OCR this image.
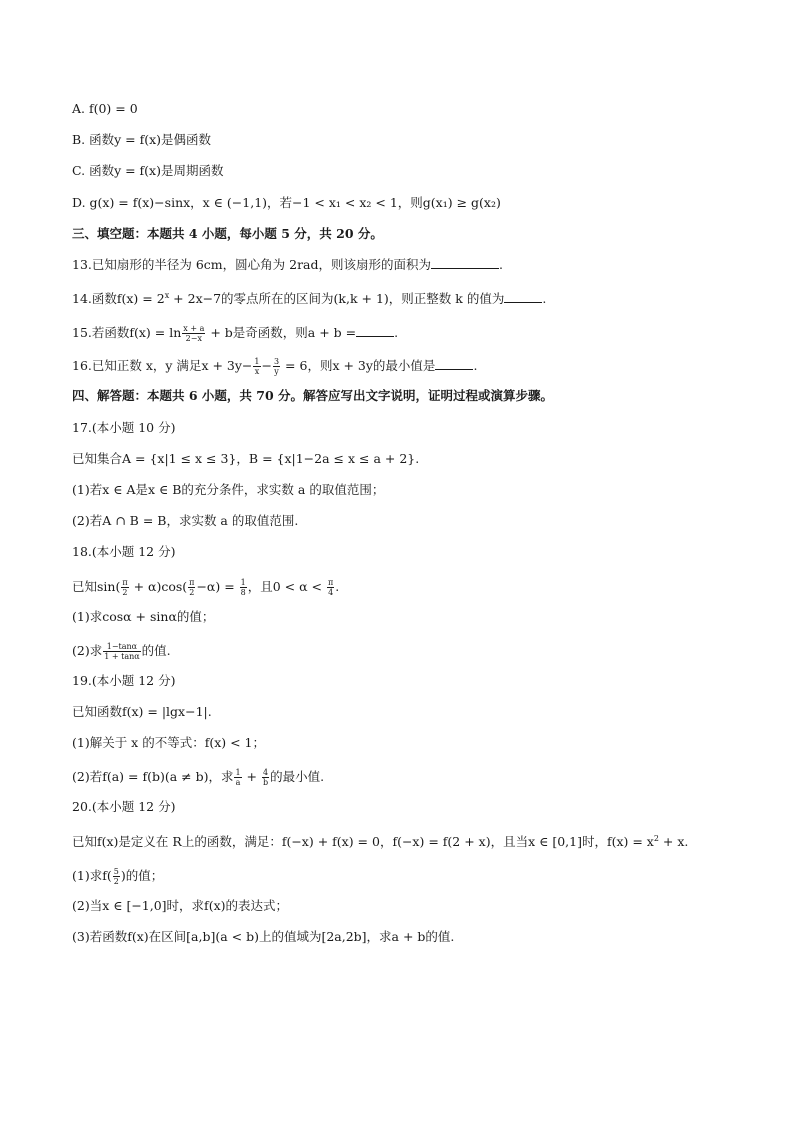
A. f(0) = 0
B. 函数y = f(x)是偶函数
C. 函数y = f(x)是周期函数
D. g(x) = f(x)−sinx，x ∈ (−1,1)，若−1 < x₁ < x₂ < 1，则g(x₁) ≥ g(x₂)
三、填空题：本题共 4 小题，每小题 5 分，共 20 分。
13.已知扇形的半径为 6cm，圆心角为 2rad，则该扇形的面积为	.
14.函数$f(x) = 2^x + 2x-7$的零点所在的区间为(k,k + 1)，则正整数 k 的值为	.
15.若函数$f(x) = \ln \frac{x + a}{2-x} + b$是奇函数，则a + b =	.
16.已知正数 x，y 满足$x + 3y- \frac{1}{x} - \frac{3}{y} = 6$，则x + 3y的最小值是	.
四、解答题：本题共 6 小题，共 70 分。解答应写出文字说明，证明过程或演算步骤。
17.(本小题 10 分)
已知集合A = {x|1 ≤ x ≤ 3}，B = {x|1−2a ≤ x ≤ a + 2}.
(1)若x ∈ A是x ∈ B的充分条件，求实数 a 的取值范围；
(2)若A ∩ B = B，求实数 a 的取值范围.
18.(本小题 12 分)
已知$\sin( \frac{\pi}{2} + \alpha)\cos( \frac{\pi}{2} -\alpha) = \frac{1}{8}$ ，且$0 < \alpha < \frac{\pi}{4}$ .
(1)求cosα + sinα的值；
(2)求 $\frac{1-\tan\alpha}{1 + \tan\alpha}$ 的值.
19.(本小题 12 分)
已知函数f(x) = |lgx−1|.
(1)解关于 x 的不等式：f(x) < 1；
(2)若f(a) = f(b)(a ≠ b)，求 $\frac{1}{a} + \frac{4}{b}$ 的最小值.
20.(本小题 12 分)
已知f(x)是定义在 R上的函数，满足：f(−x) + f(x) = 0，f(−x) = f(2 + x)，且当x ∈ [0,1]时，$f(x) = x^2 + x$.
(1)求$f( \frac{5}{2}$ )的值；
(2)当x ∈ [−1,0]时，求f(x)的表达式；
(3)若函数f(x)在区间[a,b](a < b)上的值域为[2a,2b]，求a + b的值.
